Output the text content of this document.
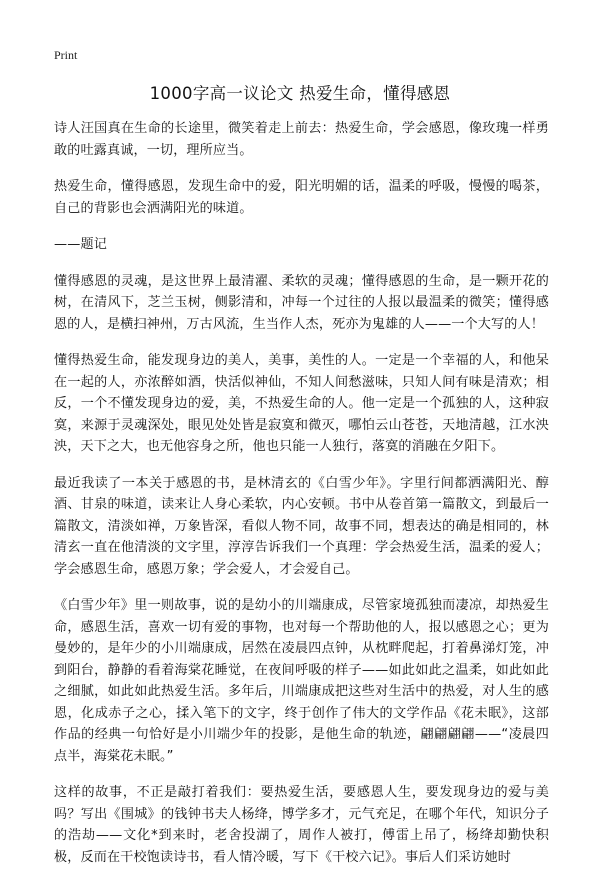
Print
1000字高一议论文 热爱生命，懂得感恩

诗人汪国真在生命的长途里，微笑着走上前去：热爱生命，学会感恩，像玫瑰一样勇敢的吐露真诚，一切，理所应当。

热爱生命，懂得感恩，发现生命中的爱，阳光明媚的话，温柔的呼吸，慢慢的喝茶，自己的背影也会洒满阳光的味道。

——题记

懂得感恩的灵魂，是这世界上最清濯、柔软的灵魂；懂得感恩的生命，是一颗开花的树，在清风下，芝兰玉树，侧影清和，冲每一个过往的人报以最温柔的微笑；懂得感恩的人，是横扫神州，万古风流，生当作人杰，死亦为鬼雄的人——一个大写的人！

懂得热爱生命，能发现身边的美人，美事，美性的人。一定是一个幸福的人，和他呆在一起的人，亦浓醉如酒，快活似神仙，不知人间愁滋味，只知人间有味是清欢；相反，一个不懂发现身边的爱，美，不热爱生命的人。他一定是一个孤独的人，这种寂寞，来源于灵魂深处，眼见处处皆是寂寞和微灭，哪怕云山苍苍，天地清越，江水泱泱，天下之大，也无他容身之所，他也只能一人独行，落寞的消融在夕阳下。

最近我读了一本关于感恩的书，是林清玄的《白雪少年》。字里行间都洒满阳光、醇酒、甘泉的味道，读来让人身心柔软，内心安顿。书中从卷首第一篇散文，到最后一篇散文，清淡如禅，万象皆深，看似人物不同，故事不同，想表达的确是相同的，林清玄一直在他清淡的文字里，淳淳告诉我们一个真理：学会热爱生活，温柔的爱人；学会感恩生命，感恩万象；学会爱人，才会爱自己。

《白雪少年》里一则故事，说的是幼小的川端康成，尽管家境孤独而凄凉，却热爱生命，感恩生活，喜欢一切有爱的事物，也对每一个帮助他的人，报以感恩之心；更为曼妙的，是年少的小川端康成，居然在凌晨四点钟，从枕畔爬起，打着鼻涕灯笼，冲到阳台，静静的看着海棠花睡觉，在夜间呼吸的样子——如此如此之温柔，如此如此之细腻，如此如此热爱生活。多年后，川端康成把这些对生活中的热爱，对人生的感恩，化成赤子之心，揉入笔下的文字，终于创作了伟大的文学作品《花未眠》，这部作品的经典一句恰好是小川端少年的投影，是他生命的轨迹，翩翩翩翩——“凌晨四点半，海棠花未眠。”

这样的故事，不正是敲打着我们：要热爱生活，要感恩人生，要发现身边的爱与美吗？写出《围城》的钱钟书夫人杨绛，博学多才，元气充足，在哪个年代，知识分子的浩劫——文化*到来时，老舍投湖了，周作人被打，傅雷上吊了，杨绛却勤快积极，反而在干校饱读诗书，看人情冷暖，写下《干校六记》。事后人们采访她时
